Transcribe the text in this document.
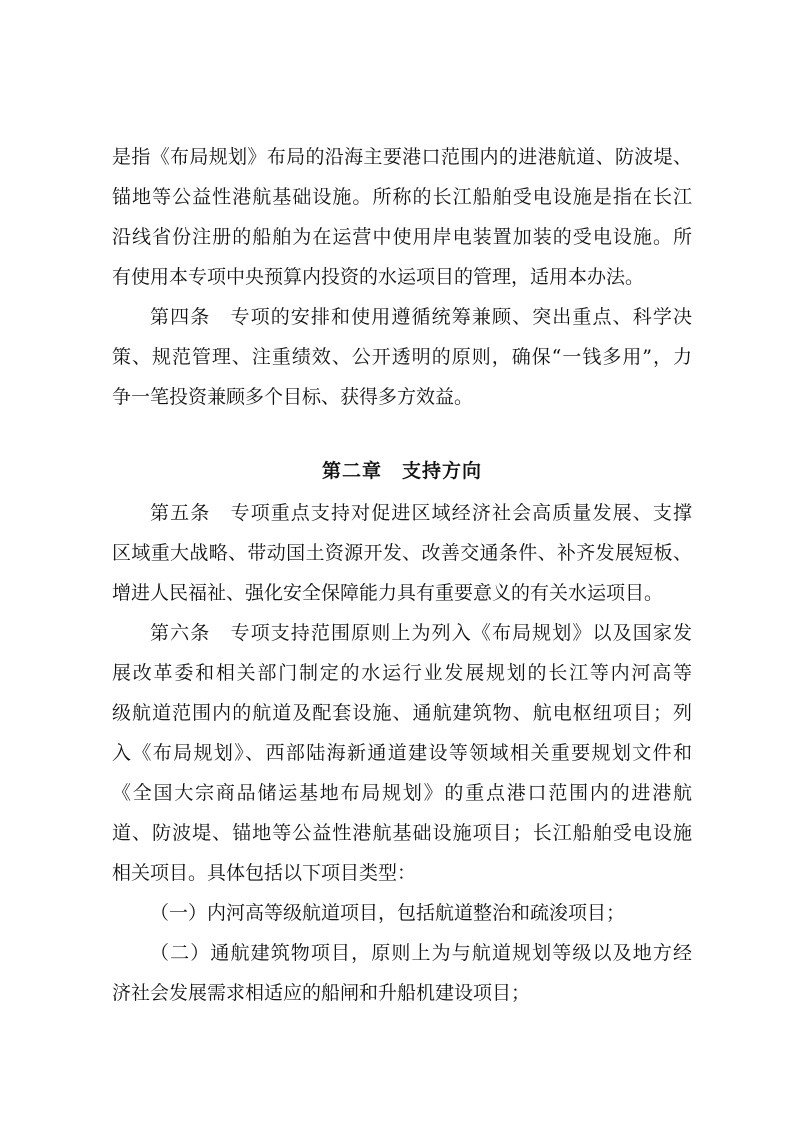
是指《布局规划》布局的沿海主要港口范围内的进港航道、防波堤、
锚地等公益性港航基础设施。所称的长江船舶受电设施是指在长江
沿线省份注册的船舶为在运营中使用岸电装置加装的受电设施。所
有使用本专项中央预算内投资的水运项目的管理，适用本办法。
第四条　专项的安排和使用遵循统筹兼顾、突出重点、科学决
策、规范管理、注重绩效、公开透明的原则，确保“一钱多用”，力
争一笔投资兼顾多个目标、获得多方效益。
第二章　支持方向
第五条　专项重点支持对促进区域经济社会高质量发展、支撑
区域重大战略、带动国土资源开发、改善交通条件、补齐发展短板、
增进人民福祉、强化安全保障能力具有重要意义的有关水运项目。
第六条　专项支持范围原则上为列入《布局规划》以及国家发
展改革委和相关部门制定的水运行业发展规划的长江等内河高等
级航道范围内的航道及配套设施、通航建筑物、航电枢纽项目；列
入《布局规划》、西部陆海新通道建设等领域相关重要规划文件和
《全国大宗商品储运基地布局规划》的重点港口范围内的进港航
道、防波堤、锚地等公益性港航基础设施项目；长江船舶受电设施
相关项目。具体包括以下项目类型：
（一）内河高等级航道项目，包括航道整治和疏浚项目；
（二）通航建筑物项目，原则上为与航道规划等级以及地方经
济社会发展需求相适应的船闸和升船机建设项目；
